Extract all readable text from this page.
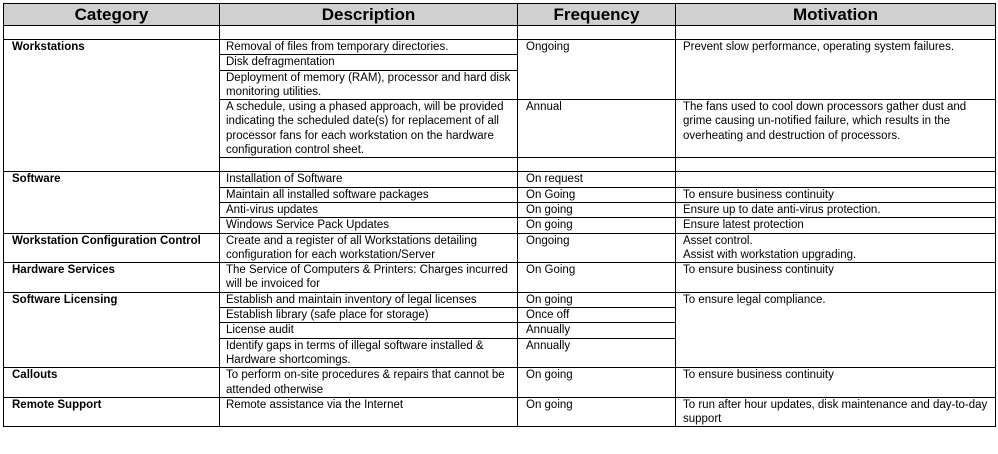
Category	Description	Frequency	Motivation

Workstations	Removal of files from temporary directories.	Ongoing	Prevent slow performance, operating system failures.
	Disk defragmentation		
	Deployment of memory (RAM), processor and hard disk monitoring utilities.		
	A schedule, using a phased approach, will be provided indicating the scheduled date(s) for replacement of all processor fans for each workstation on the hardware configuration control sheet.	Annual	The fans used to cool down processors gather dust and grime causing un-notified failure, which results in the overheating and destruction of processors.

Software	Installation of Software	On request	
	Maintain all installed software packages	On Going	To ensure business continuity
	Anti-virus updates	On going	Ensure up to date anti-virus protection.
	Windows Service Pack Updates	On going	Ensure latest protection
Workstation Configuration Control	Create and a register of all Workstations detailing configuration for each workstation/Server	Ongoing	Asset control.
Assist with workstation upgrading.
Hardware Services	The Service of Computers & Printers: Charges incurred will be invoiced for	On Going	To ensure business continuity
Software Licensing	Establish and maintain inventory of legal licenses	On going	To ensure legal compliance.
	Establish library (safe place for storage)	Once off	
	License audit	Annually	
	Identify gaps in terms of illegal software installed & Hardware shortcomings.	Annually	
Callouts	To perform on-site procedures & repairs that cannot be attended otherwise	On going	To ensure business continuity
Remote Support	Remote assistance via the Internet	On going	To run after hour updates, disk maintenance and day-to-day support
